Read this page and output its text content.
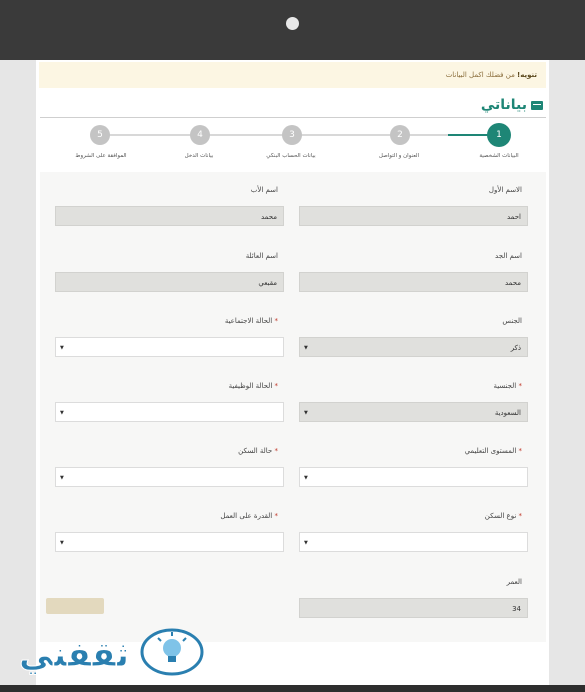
تنويه! من فضلك اكمل البيانات
بياناتي
1
2
3
4
5
البيانات الشخصية
العنوان و التواصل
بيانات الحساب البنكي
بيانات الدخل
الموافقة على الشروط
الاسم الأول
احمد
اسم الأب
محمد
اسم الجد
محمد
اسم العائلة
مقبعي
الجنس
ذكر
▼
* الحالة الاجتماعية
▼
* الجنسية
السعودية
▼
* الحالة الوظيفية
▼
* المستوى التعليمي
▼
* حالة السكن
▼
* نوع السكن
▼
* القدرة على العمل
▼
العمر
34
ثقفني
